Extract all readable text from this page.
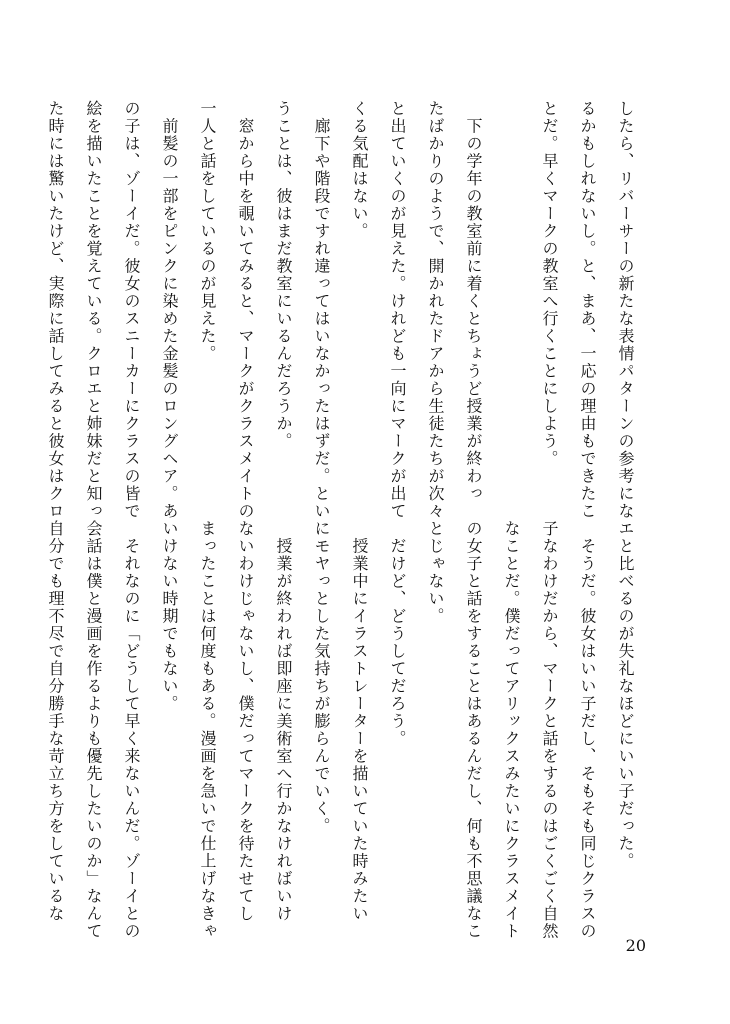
したら、リバーサーの新たな表情パターンの参考にな
るかもしれないし。と、まあ、一応の理由もできたこ
とだ。早くマークの教室へ行くことにしよう。

　下の学年の教室前に着くとちょうど授業が終わっ
たばかりのようで、開かれたドアから生徒たちが次々
と出ていくのが見えた。けれども一向にマークが出て
くる気配はない。
　廊下や階段ですれ違ってはいなかったはずだ。とい
うことは、彼はまだ教室にいるんだろうか。
　窓から中を覗いてみると、マークがクラスメイトの
一人と話をしているのが見えた。
　前髪の一部をピンクに染めた金髪のロングヘア。あ
の子は、ゾーイだ。彼女のスニーカーにクラスの皆で
絵を描いたことを覚えている。クロエと姉妹だと知っ
た時には驚いたけど、実際に話してみると彼女はクロ
エと比べるのが失礼なほどにいい子だった。
　そうだ。彼女はいい子だし、そもそも同じクラスの
子なわけだから、マークと話をするのはごくごく自然
なことだ。僕だってアリックスみたいにクラスメイト
の女子と話をすることはあるんだし、何も不思議なこ
とじゃない。
　だけど、どうしてだろう。
　授業中にイラストレーターを描いていた時みたい
にモヤっとした気持ちが膨らんでいく。
　授業が終われば即座に美術室へ行かなければいけ
ないわけじゃないし、僕だってマークを待たせてし
まったことは何度もある。漫画を急いで仕上げなきゃ
いけない時期でもない。
　それなのに「どうして早く来ないんだ。ゾーイとの
会話は僕と漫画を作るよりも優先したいのか」なんて
自分でも理不尽で自分勝手な苛立ち方をしているな
20
